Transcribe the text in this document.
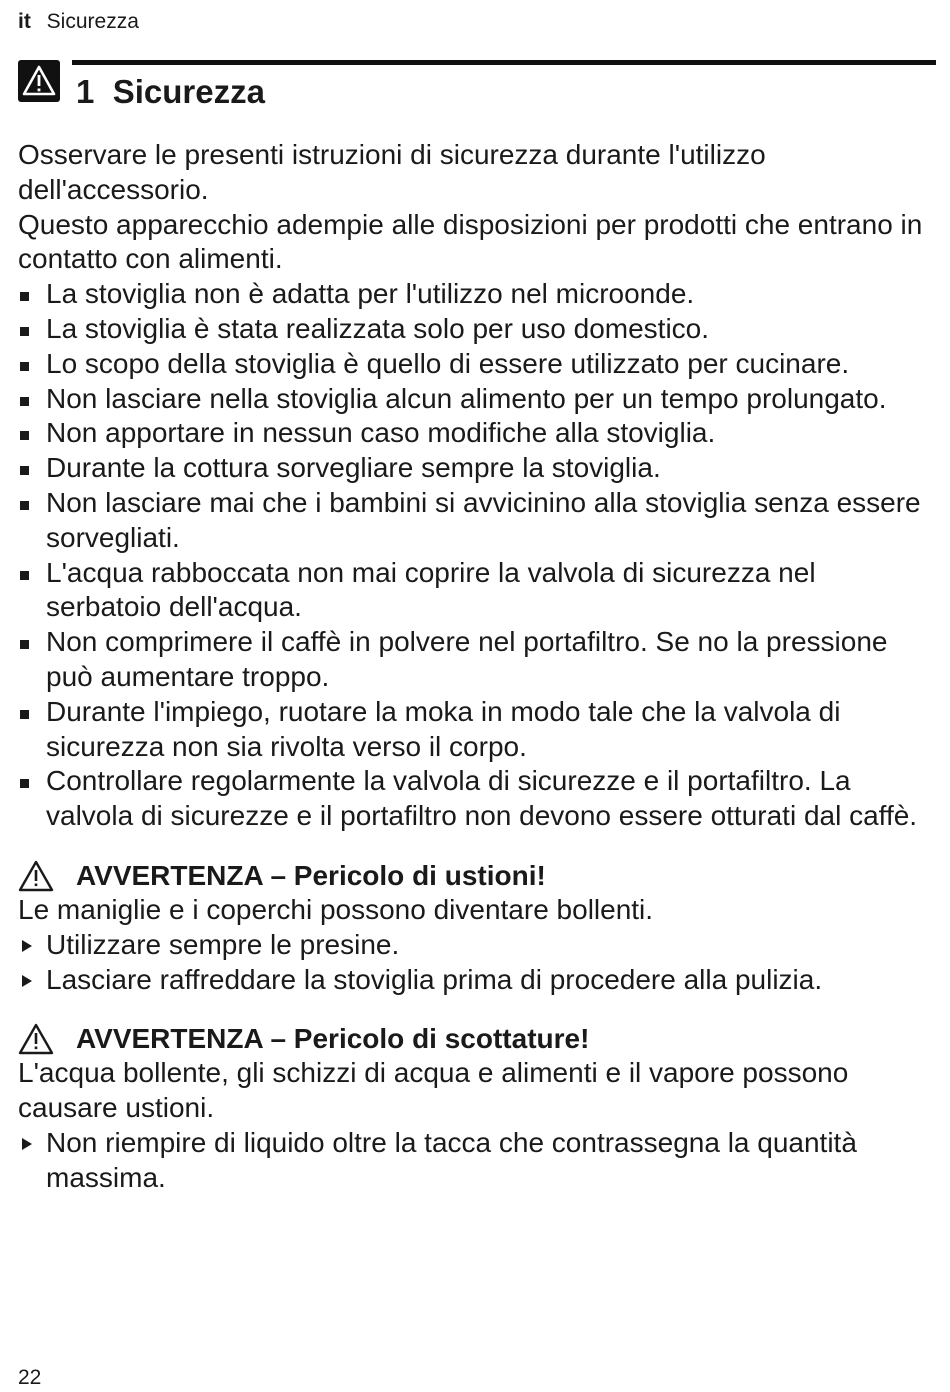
it Sicurezza
1 Sicurezza

Osservare le presenti istruzioni di sicurezza durante l'utilizzo dell'accessorio.

Questo apparecchio adempie alle disposizioni per prodotti che entrano in contatto con alimenti.

La stoviglia non è adatta per l'utilizzo nel microonde.
La stoviglia è stata realizzata solo per uso domestico.
Lo scopo della stoviglia è quello di essere utilizzato per cucinare.
Non lasciare nella stoviglia alcun alimento per un tempo prolungato.
Non apportare in nessun caso modifiche alla stoviglia.
Durante la cottura sorvegliare sempre la stoviglia.
Non lasciare mai che i bambini si avvicinino alla stoviglia senza essere sorvegliati.
L'acqua rabboccata non mai coprire la valvola di sicurezza nel serbatoio dell'acqua.
Non comprimere il caffè in polvere nel portafiltro. Se no la pressione può aumentare troppo.
Durante l'impiego, ruotare la moka in modo tale che la valvola di sicurezza non sia rivolta verso il corpo.
Controllare regolarmente la valvola di sicurezze e il portafiltro. La valvola di sicurezze e il portafiltro non devono essere otturati dal caffè.
AVVERTENZA – Pericolo di ustioni!

Le maniglie e i coperchi possono diventare bollenti.

Utilizzare sempre le presine.
Lasciare raffreddare la stoviglia prima di procedere alla pulizia.
AVVERTENZA – Pericolo di scottature!

L'acqua bollente, gli schizzi di acqua e alimenti e il vapore possono causare ustioni.

Non riempire di liquido oltre la tacca che contrassegna la quantità massima.
22
